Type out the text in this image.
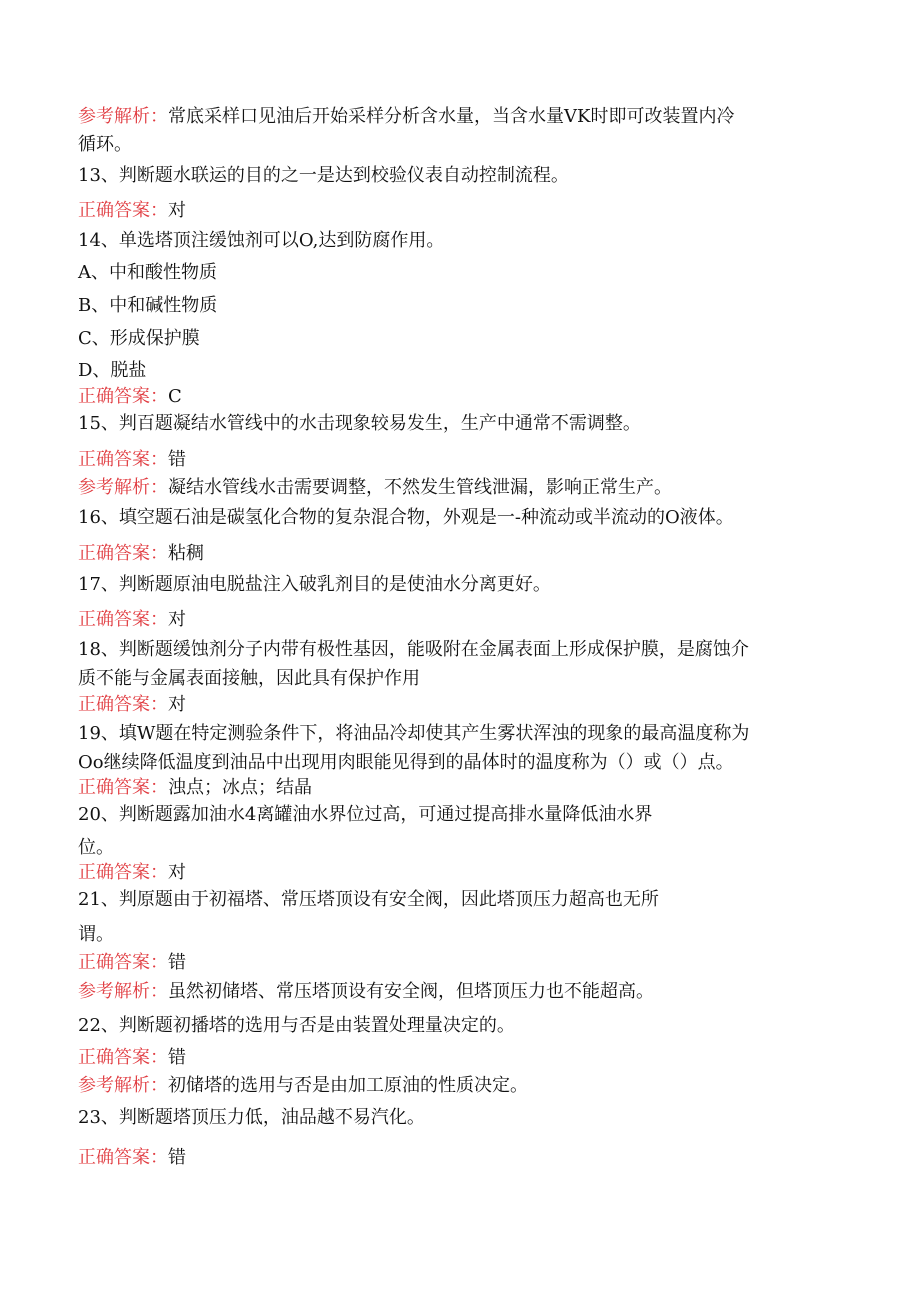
参考解析：常底采样口见油后开始采样分析含水量，当含水量VK时即可改装置内冷
循环。
13、判断题水联运的目的之一是达到校验仪表自动控制流程。
正确答案：对
14、单选塔顶注缓蚀剂可以O,达到防腐作用。
A、中和酸性物质
B、中和碱性物质
C、形成保护膜
D、脱盐
正确答案：C
15、判百题凝结水管线中的水击现象较易发生，生产中通常不需调整。
正确答案：错
参考解析：凝结水管线水击需要调整，不然发生管线泄漏，影响正常生产。
16、填空题石油是碳氢化合物的复杂混合物，外观是一-种流动或半流动的O液体。
正确答案：粘稠
17、判断题原油电脱盐注入破乳剂目的是使油水分离更好。
正确答案：对
18、判断题缓蚀剂分子内带有极性基因，能吸附在金属表面上形成保护膜，是腐蚀介
质不能与金属表面接触，因此具有保护作用
正确答案：对
19、填W题在特定测验条件下，将油品冷却使其产生雾状浑浊的现象的最高温度称为
Oo继续降低温度到油品中出现用肉眼能见得到的晶体时的温度称为（）或（）点。
正确答案：浊点；冰点；结晶
20、判断题露加油水4离罐油水界位过高，可通过提高排水量降低油水界
位。
正确答案：对
21、判原题由于初福塔、常压塔顶设有安全阀，因此塔顶压力超高也无所
谓。
正确答案：错
参考解析：虽然初储塔、常压塔顶设有安全阀，但塔顶压力也不能超高。
22、判断题初播塔的选用与否是由装置处理量决定的。
正确答案：错
参考解析：初储塔的选用与否是由加工原油的性质决定。
23、判断题塔顶压力低，油品越不易汽化。
正确答案：错
